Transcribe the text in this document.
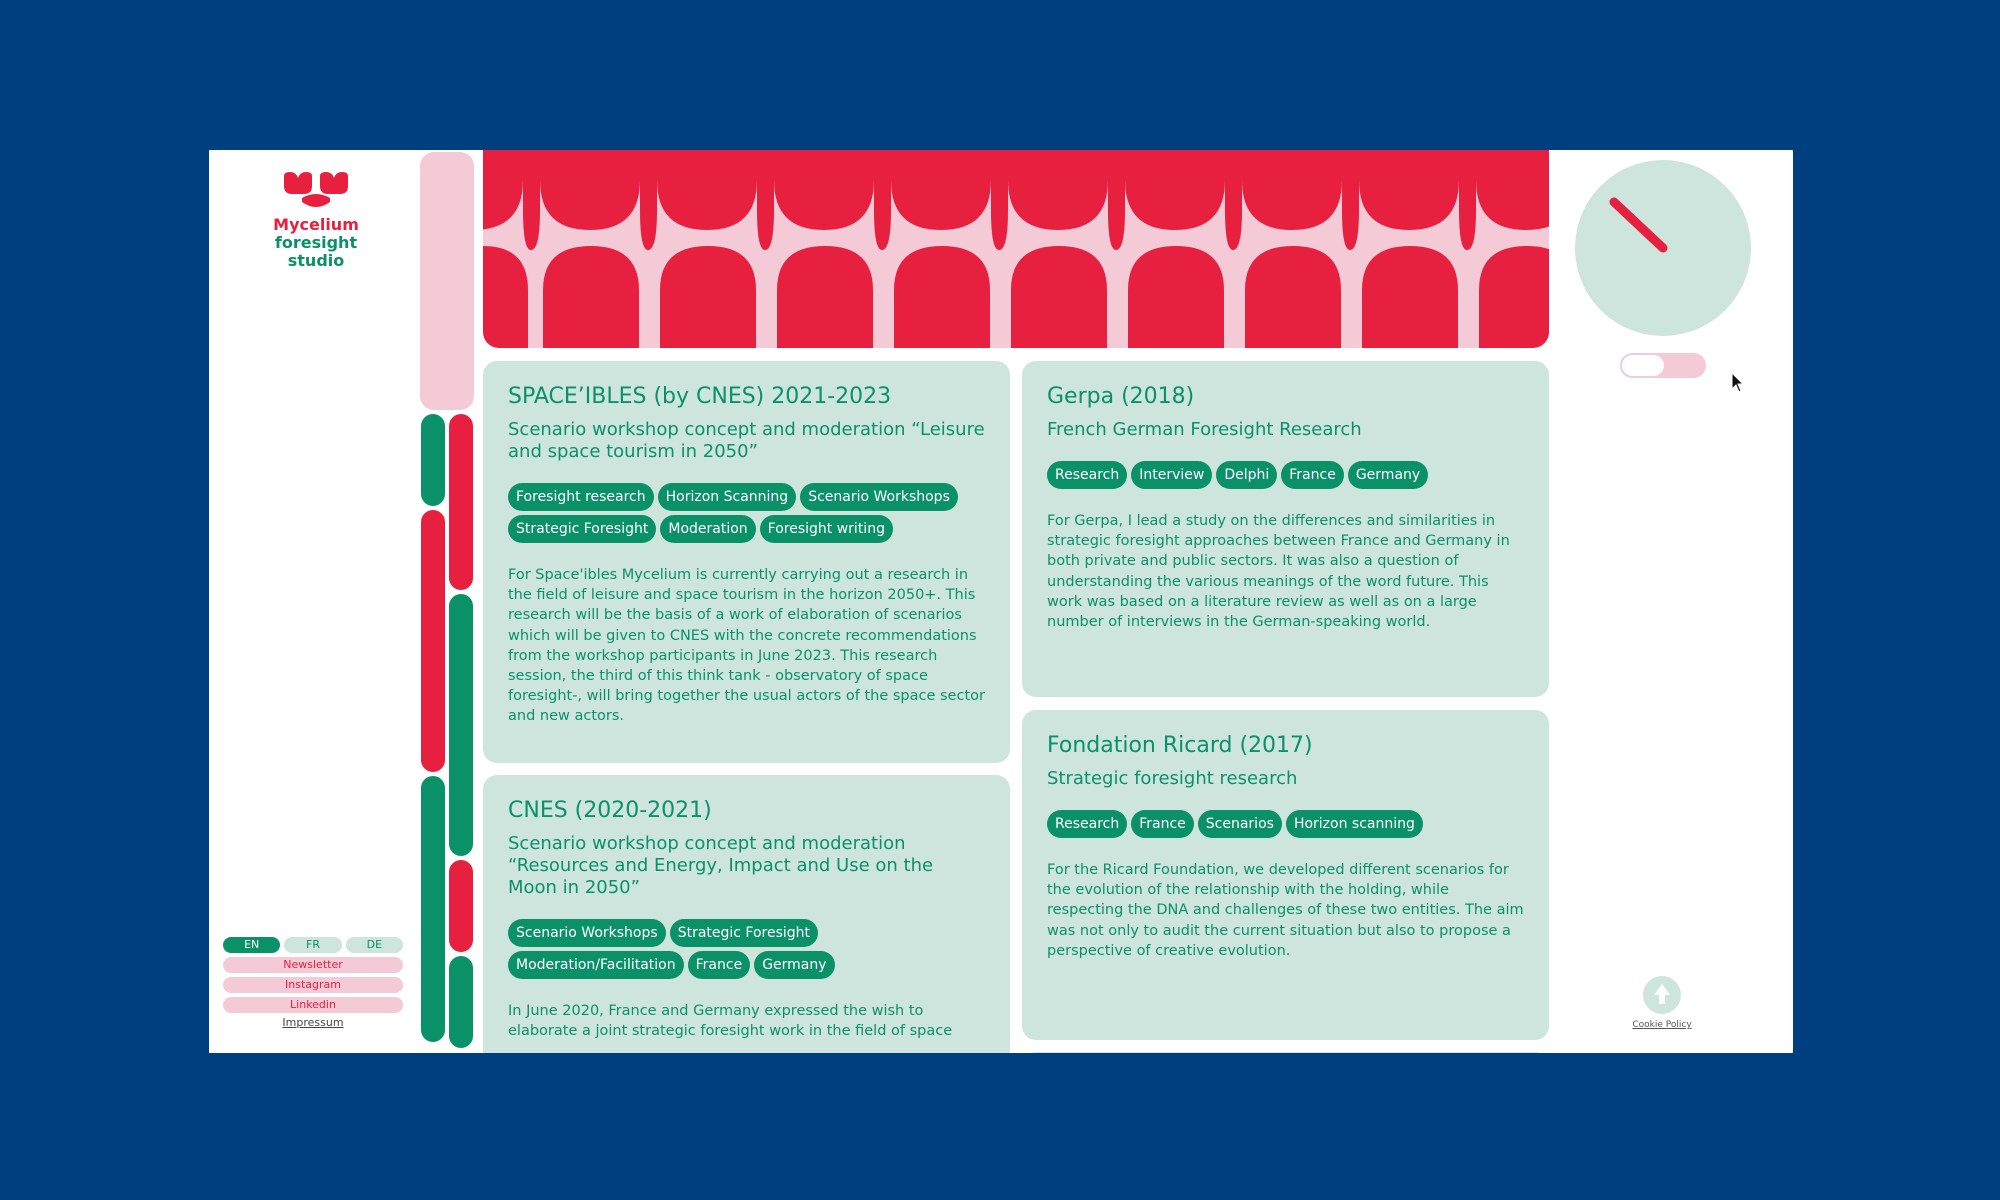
Mycelium
foresight
studio
EN	FR	DE
Newsletter
Instagram
Linkedin
Impressum
SPACE’IBLES (by CNES) 2021-2023
Scenario workshop concept and moderation “Leisure and space tourism in 2050”
Foresight research	Horizon Scanning	Scenario Workshops
Strategic Foresight	Moderation	Foresight writing

For Space'ibles Mycelium is currently carrying out a research in the field of leisure and space tourism in the horizon 2050+. This research will be the basis of a work of elaboration of scenarios which will be given to CNES with the concrete recommendations from the workshop participants in June 2023. This research session, the third of this think tank - observatory of space foresight-, will bring together the usual actors of the space sector and new actors.

CNES (2020-2021)
Scenario workshop concept and moderation “Resources and Energy, Impact and Use on the Moon in 2050”
Scenario Workshops	Strategic Foresight
Moderation/Facilitation	France	Germany

In June 2020, France and Germany expressed the wish to elaborate a joint strategic foresight work in the field of space

Gerpa (2018)
French German Foresight Research
Research	Interview	Delphi	France	Germany

For Gerpa, I lead a study on the differences and similarities in strategic foresight approaches between France and Germany in both private and public sectors. It was also a question of understanding the various meanings of the word future. This work was based on a literature review as well as on a large number of interviews in the German-speaking world.

Fondation Ricard (2017)
Strategic foresight research
Research	France	Scenarios	Horizon scanning

For the Ricard Foundation, we developed different scenarios for the evolution of the relationship with the holding, while respecting the DNA and challenges of these two entities. The aim was not only to audit the current situation but also to propose a perspective of creative evolution.

Cookie Policy
